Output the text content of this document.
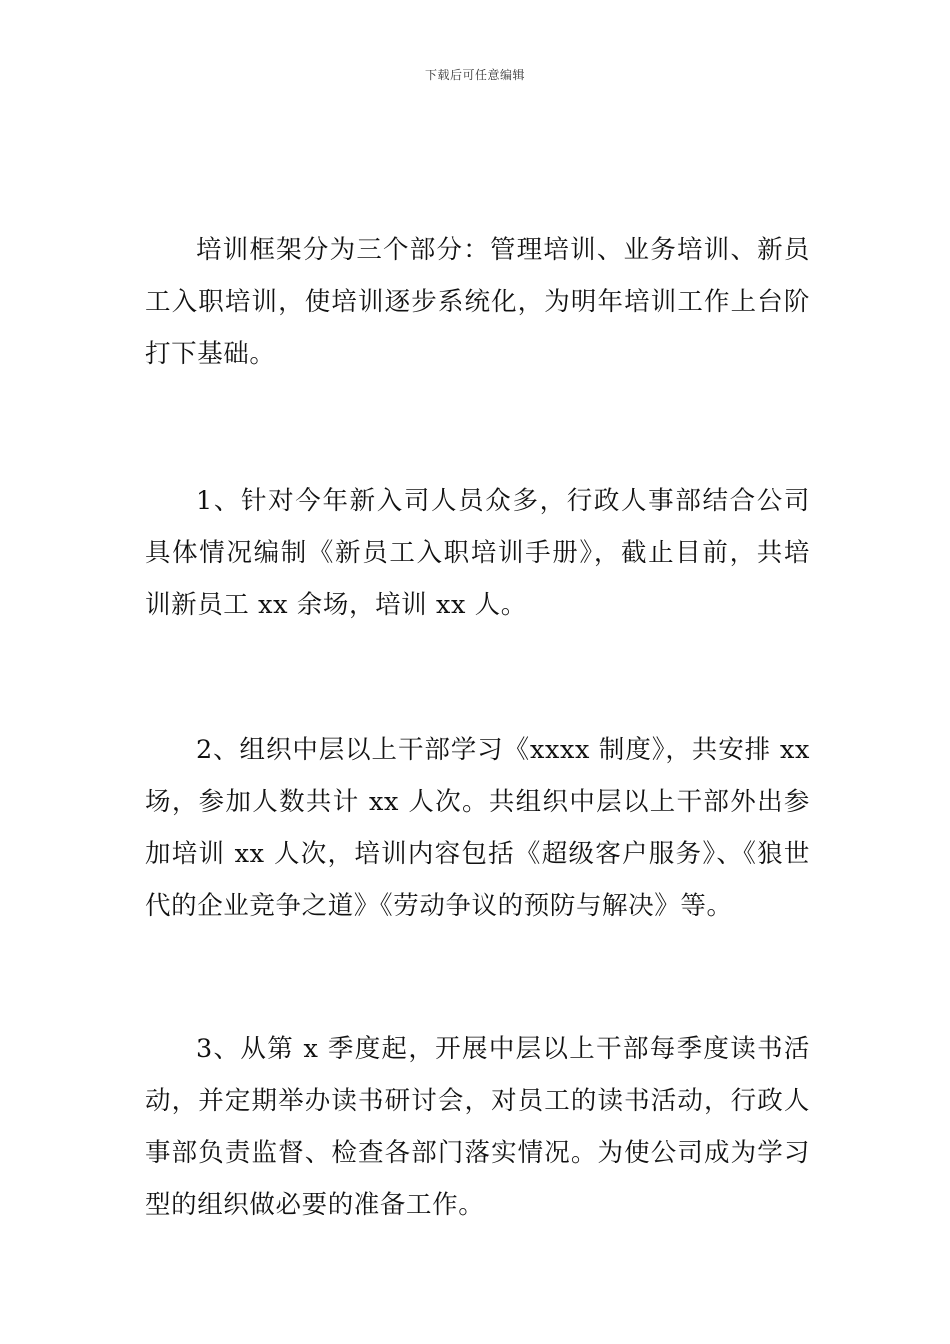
下载后可任意编辑

培训框架分为三个部分：管理培训、业务培训、新员工入职培训，使培训逐步系统化，为明年培训工作上台阶打下基础。

1、针对今年新入司人员众多，行政人事部结合公司具体情况编制《新员工入职培训手册》，截止目前，共培训新员工 xx 余场，培训 xx 人。

2、组织中层以上干部学习《xxxx 制度》，共安排 xx 场，参加人数共计 xx 人次。共组织中层以上干部外出参加培训 xx 人次，培训内容包括《超级客户服务》、《狼世代的企业竞争之道》《劳动争议的预防与解决》等。

3、从第 x 季度起，开展中层以上干部每季度读书活动，并定期举办读书研讨会，对员工的读书活动，行政人事部负责监督、检查各部门落实情况。为使公司成为学习型的组织做必要的准备工作。
